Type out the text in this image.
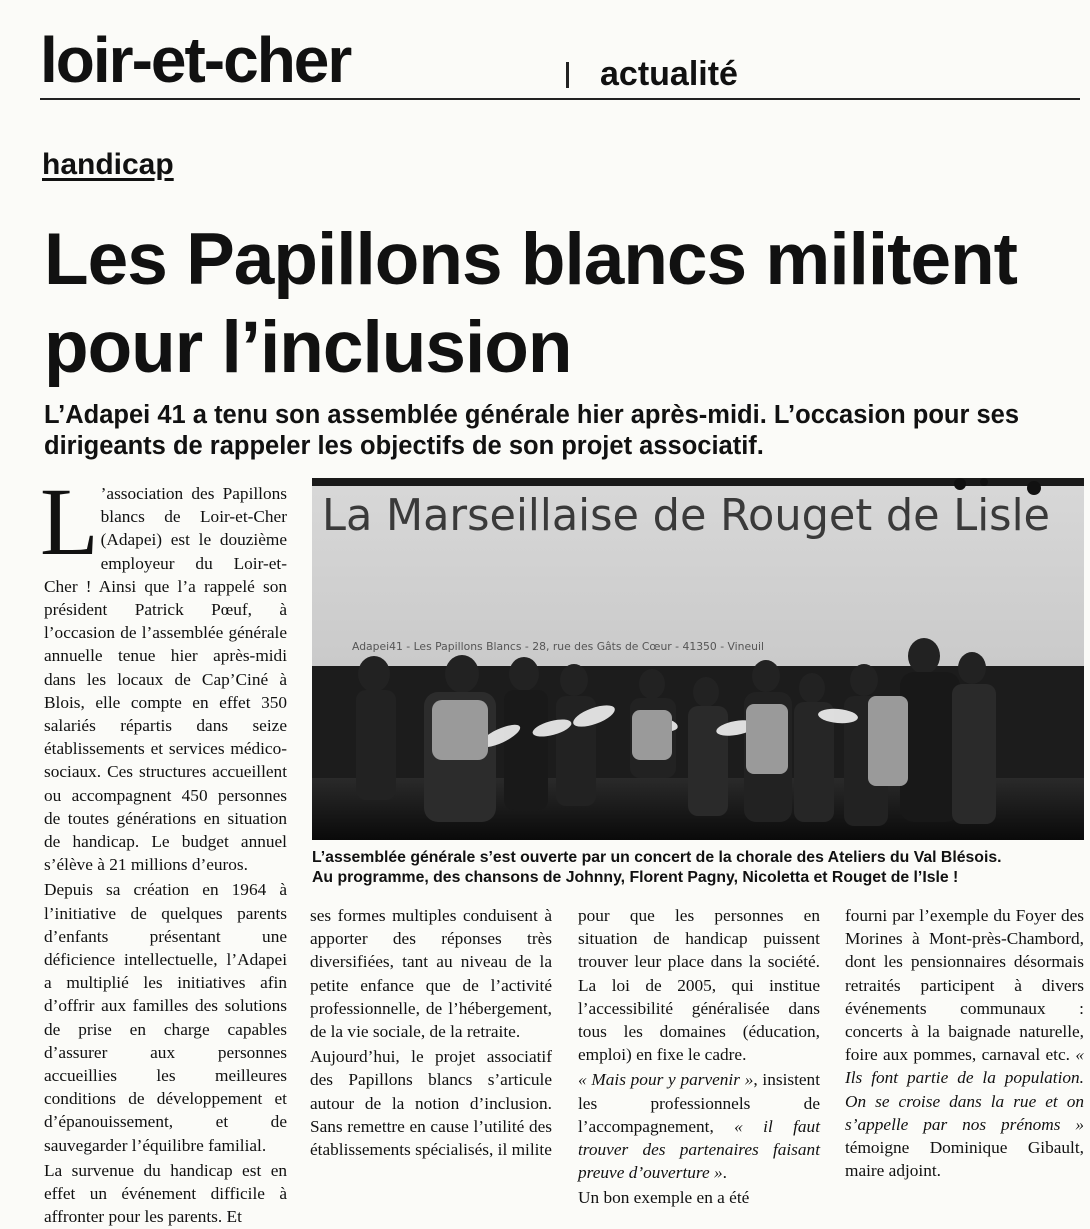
loir-et-cher	actualité
handicap
Les Papillons blancs militent pour l’inclusion

L’Adapei 41 a tenu son assemblée générale hier après-midi. L’occasion pour ses dirigeants de rappeler les objectifs de son projet associatif.

L ’association des Papillons blancs de Loir-et-Cher (Adapei) est le douzième employeur du Loir-et-Cher ! Ainsi que l’a rappelé son président Patrick Pœuf, à l’occasion de l’assemblée générale annuelle tenue hier après-midi dans les locaux de Cap’Ciné à Blois, elle compte en effet 350 salariés répartis dans seize établissements et services médico-sociaux. Ces structures accueillent ou accompagnent 450 personnes de toutes générations en situation de handicap. Le budget annuel s’élève à 21 millions d’euros.

Depuis sa création en 1964 à l’initiative de quelques parents d’enfants présentant une déficience intellectuelle, l’Adapei a multiplié les initiatives afin d’offrir aux familles des solutions de prise en charge capables d’assurer aux personnes accueillies les meilleures conditions de développement et d’épanouissement, et de sauvegarder l’équilibre familial.

La survenue du handicap est en effet un événement difficile à affronter pour les parents. Et

La Marseillaise de Rouget de Lisle
Adapei41 - Les Papillons Blancs - 28, rue des Gâts de Cœur - 41350 - Vineuil
L’assemblée générale s’est ouverte par un concert de la chorale des Ateliers du Val Blésois.
Au programme, des chansons de Johnny, Florent Pagny, Nicoletta et Rouget de l’Isle !

ses formes multiples conduisent à apporter des réponses très diversifiées, tant au niveau de la petite enfance que de l’activité professionnelle, de l’hébergement, de la vie sociale, de la retraite.

Aujourd’hui, le projet associatif des Papillons blancs s’articule autour de la notion d’inclusion. Sans remettre en cause l’utilité des établissements spécialisés, il milite

pour que les personnes en situation de handicap puissent trouver leur place dans la société. La loi de 2005, qui institue l’accessibilité généralisée dans tous les domaines (éducation, emploi) en fixe le cadre.

« Mais pour y parvenir », insistent les professionnels de l’accompagnement, « il faut trouver des partenaires faisant preuve d’ouverture ».

Un bon exemple en a été

fourni par l’exemple du Foyer des Morines à Mont-près-Chambord, dont les pensionnaires désormais retraités participent à divers événements communaux : concerts à la baignade naturelle, foire aux pommes, carnaval etc. « Ils font partie de la population. On se croise dans la rue et on s’appelle par nos prénoms » témoigne Dominique Gibault, maire adjoint.
